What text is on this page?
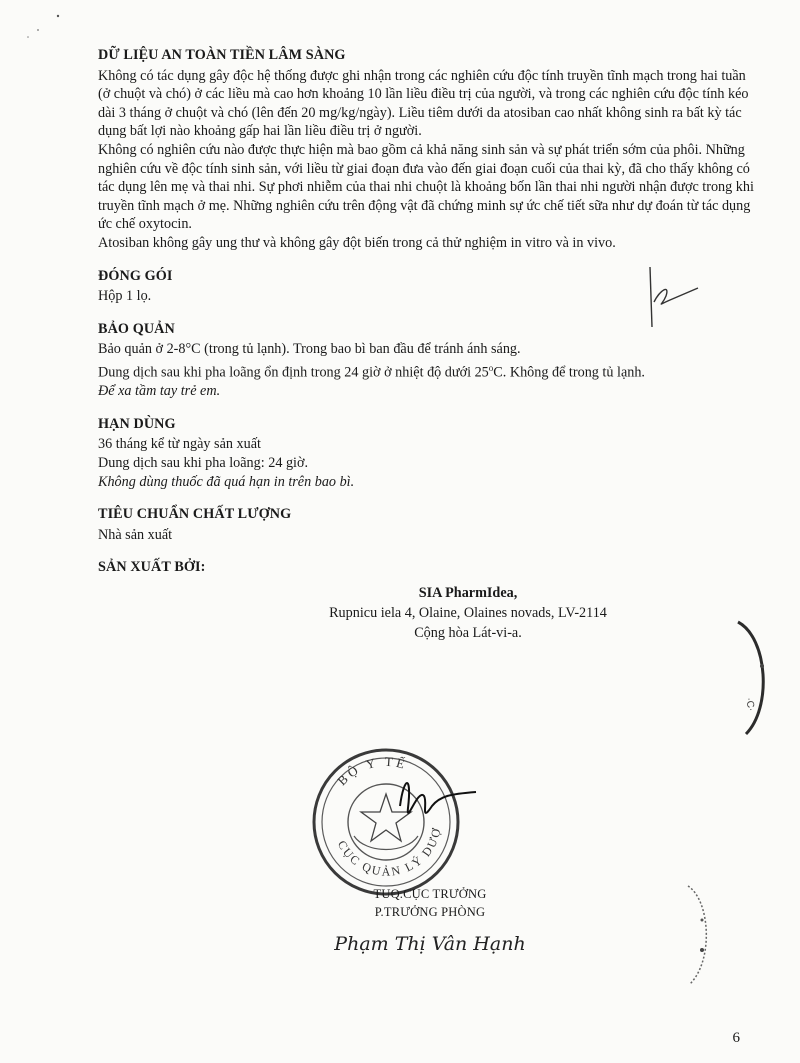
DỮ LIỆU AN TOÀN TIỀN LÂM SÀNG

Không có tác dụng gây độc hệ thống được ghi nhận trong các nghiên cứu độc tính truyền tĩnh mạch trong hai tuần (ở chuột và chó) ở các liều mà cao hơn khoảng 10 lần liều điều trị của người, và trong các nghiên cứu độc tính kéo dài 3 tháng ở chuột và chó (lên đến 20 mg/kg/ngày). Liều tiêm dưới da atosiban cao nhất không sinh ra bất kỳ tác dụng bất lợi nào khoảng gấp hai lần liều điều trị ở người.

Không có nghiên cứu nào được thực hiện mà bao gồm cả khả năng sinh sản và sự phát triển sớm của phôi. Những nghiên cứu về độc tính sinh sản, với liều từ giai đoạn đưa vào đến giai đoạn cuối của thai kỳ, đã cho thấy không có tác dụng lên mẹ và thai nhi. Sự phơi nhiễm của thai nhi chuột là khoảng bốn lần thai nhi người nhận được trong khi truyền tĩnh mạch ở mẹ. Những nghiên cứu trên động vật đã chứng minh sự ức chế tiết sữa như dự đoán từ tác dụng ức chế oxytocin.

Atosiban không gây ung thư và không gây đột biến trong cả thử nghiệm in vitro và in vivo.

ĐÓNG GÓI

Hộp 1 lọ.

BẢO QUẢN

Bảo quản ở 2-8°C (trong tủ lạnh). Trong bao bì ban đầu để tránh ánh sáng.

Dung dịch sau khi pha loãng ổn định trong 24 giờ ở nhiệt độ dưới 25$^o$C. Không để trong tủ lạnh.

Để xa tầm tay trẻ em.

HẠN DÙNG

36 tháng kể từ ngày sản xuất

Dung dịch sau khi pha loãng: 24 giờ.

Không dùng thuốc đã quá hạn in trên bao bì.

TIÊU CHUẨN CHẤT LƯỢNG

Nhà sản xuất

SẢN XUẤT BỞI:

SIA PharmIdea,
Rupnicu iela 4, Olaine, Olaines novads, LV-2114
Cộng hòa Lát-vi-a.
·C·
BỘ Y TẾ
CỤC QUẢN LÝ DƯỢ
TUQ.CỤC TRƯỞNG
P.TRƯỞNG PHÒNG
Phạm Thị Vân Hạnh
6
